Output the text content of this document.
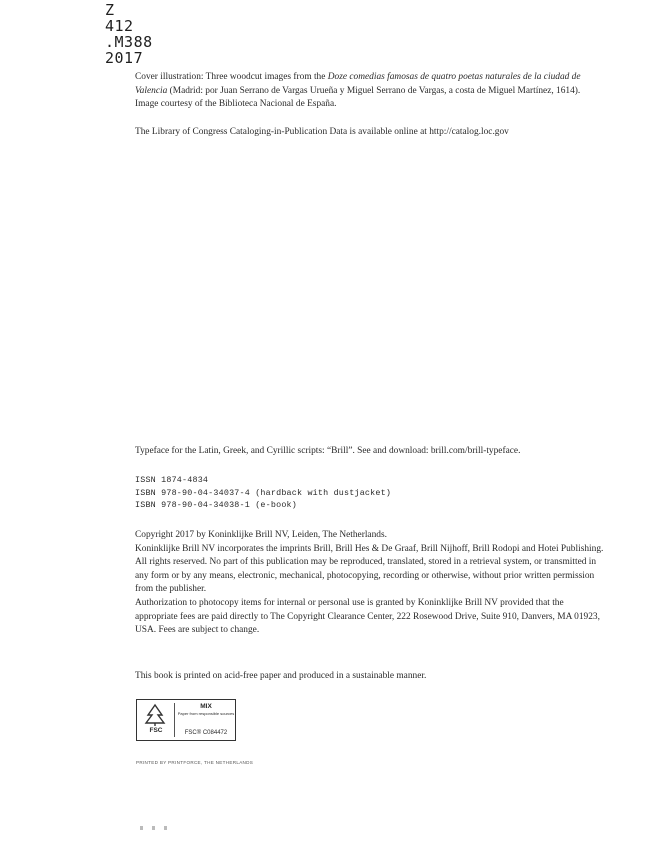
Z
412
.M388
2017

Cover illustration: Three woodcut images from the Doze comedias famosas de quatro poetas naturales de la ciudad de Valencia (Madrid: por Juan Serrano de Vargas Urueña y Miguel Serrano de Vargas, a costa de Miguel Martínez, 1614). Image courtesy of the Biblioteca Nacional de España.

The Library of Congress Cataloging-in-Publication Data is available online at http://catalog.loc.gov

Typeface for the Latin, Greek, and Cyrillic scripts: “Brill”. See and download: brill.com/brill-typeface.

ISSN 1874-4834

ISBN 978-90-04-34037-4 (hardback with dustjacket)

ISBN 978-90-04-34038-1 (e-book)

Copyright 2017 by Koninklijke Brill NV, Leiden, The Netherlands.

Koninklijke Brill NV incorporates the imprints Brill, Brill Hes & De Graaf, Brill Nijhoff, Brill Rodopi and Hotei Publishing.

All rights reserved. No part of this publication may be reproduced, translated, stored in a retrieval system, or transmitted in any form or by any means, electronic, mechanical, photocopying, recording or otherwise, without prior written permission from the publisher.

Authorization to photocopy items for internal or personal use is granted by Koninklijke Brill NV provided that the appropriate fees are paid directly to The Copyright Clearance Center, 222 Rosewood Drive, Suite 910, Danvers, MA 01923, USA. Fees are subject to change.

This book is printed on acid-free paper and produced in a sustainable manner.

FSC
MIX
Paper from responsible sources
FSC® C084472
PRINTED BY PRINTFORCE, THE NETHERLANDS
